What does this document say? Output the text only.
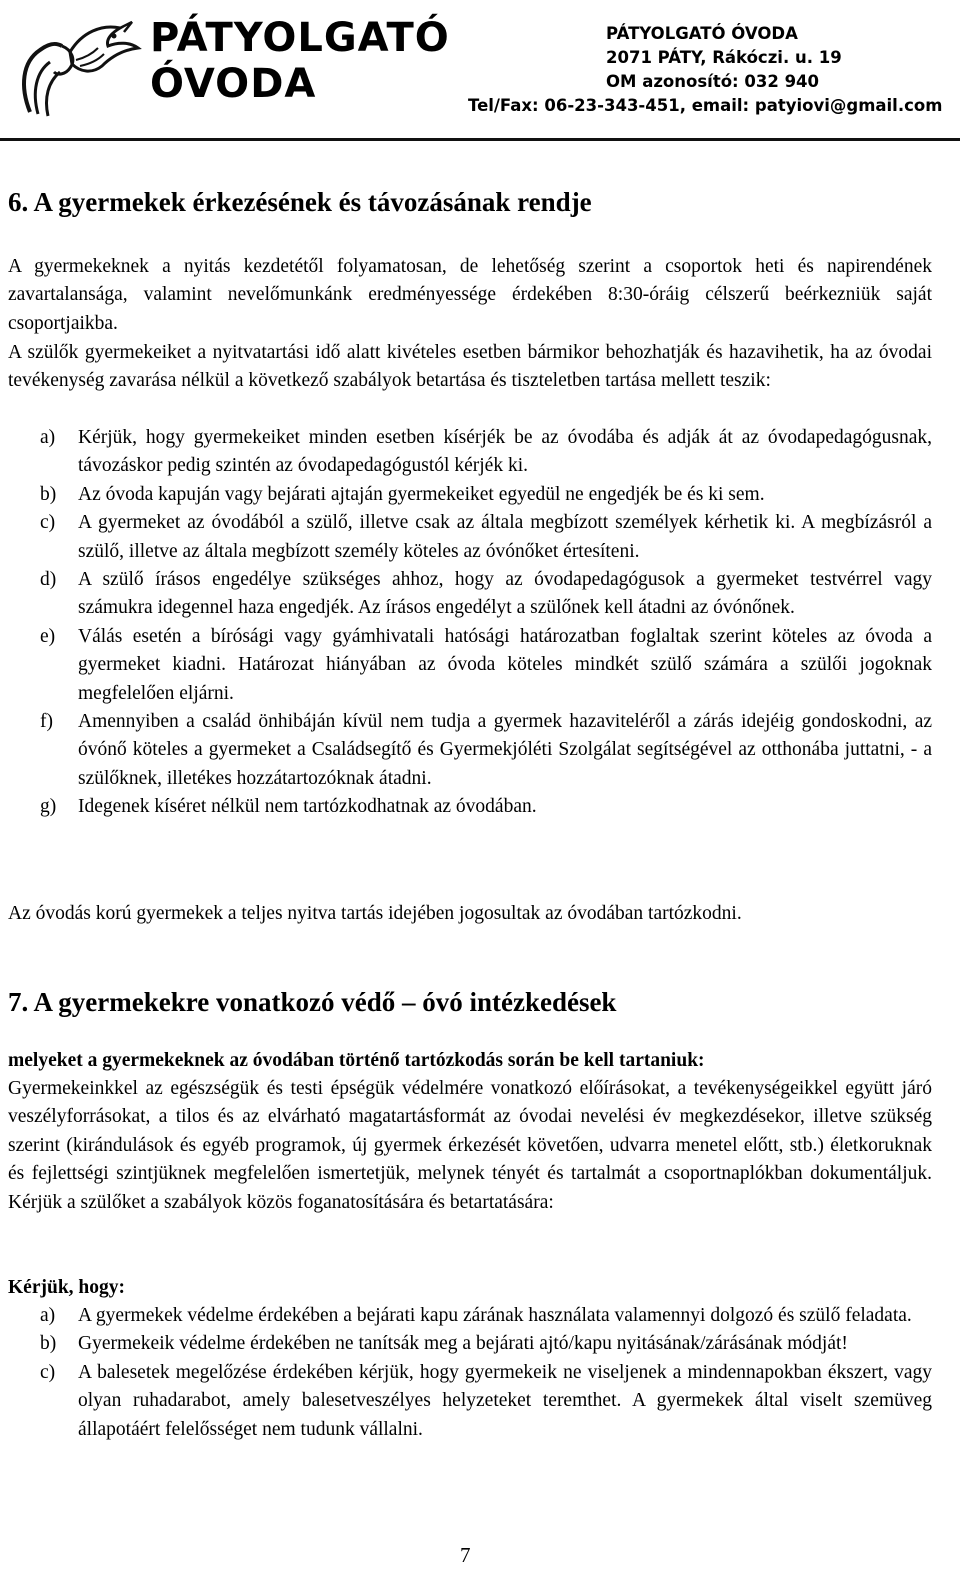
PÁTYOLGATÓ
ÓVODA
PÁTYOLGATÓ ÓVODA
2071 PÁTY, Rákóczi. u. 19
OM azonosító: 032 940
Tel/Fax: 06-23-343-451, email: patyiovi@gmail.com
6. A gyermekek érkezésének és távozásának rendje

A gyermekeknek a nyitás kezdetétől folyamatosan, de lehetőség szerint a csoportok heti és napirendének zavartalansága, valamint nevelőmunkánk eredményessége érdekében 8:30-óráig célszerű beérkezniük saját csoportjaikba.

A szülők gyermekeiket a nyitvatartási idő alatt kivételes esetben bármikor behozhatják és hazavihetik, ha az óvodai tevékenység zavarása nélkül a következő szabályok betartása és tiszteletben tartása mellett teszik:

a) Kérjük, hogy gyermekeiket minden esetben kísérjék be az óvodába és adják át az óvodapedagógusnak, távozáskor pedig szintén az óvodapedagógustól kérjék ki.
b) Az óvoda kapuján vagy bejárati ajtaján gyermekeiket egyedül ne engedjék be és ki sem.
c) A gyermeket az óvodából a szülő, illetve csak az általa megbízott személyek kérhetik ki. A megbízásról a szülő, illetve az általa megbízott személy köteles az óvónőket értesíteni.
d) A szülő írásos engedélye szükséges ahhoz, hogy az óvodapedagógusok a gyermeket testvérrel vagy számukra idegennel haza engedjék. Az írásos engedélyt a szülőnek kell átadni az óvónőnek.
e) Válás esetén a bírósági vagy gyámhivatali hatósági határozatban foglaltak szerint köteles az óvoda a gyermeket kiadni. Határozat hiányában az óvoda köteles mindkét szülő számára a szülői jogoknak megfelelően eljárni.
f) Amennyiben a család önhibáján kívül nem tudja a gyermek hazaviteléről a zárás idejéig gondoskodni, az óvónő köteles a gyermeket a Családsegítő és Gyermekjóléti Szolgálat segítségével az otthonába juttatni, - a szülőknek, illetékes hozzátartozóknak átadni.
g) Idegenek kíséret nélkül nem tartózkodhatnak az óvodában.

Az óvodás korú gyermekek a teljes nyitva tartás idejében jogosultak az óvodában tartózkodni.

7. A gyermekekre vonatkozó védő – óvó intézkedések

melyeket a gyermekeknek az óvodában történő tartózkodás során be kell tartaniuk:

Gyermekeinkkel az egészségük és testi épségük védelmére vonatkozó előírásokat, a tevékenységeikkel együtt járó veszélyforrásokat, a tilos és az elvárható magatartásformát az óvodai nevelési év megkezdésekor, illetve szükség szerint (kirándulások és egyéb programok, új gyermek érkezését követően, udvarra menetel előtt, stb.) életkoruknak és fejlettségi szintjüknek megfelelően ismertetjük, melynek tényét és tartalmát a csoportnaplókban dokumentáljuk. Kérjük a szülőket a szabályok közös foganatosítására és betartatására:

Kérjük, hogy:

a) A gyermekek védelme érdekében a bejárati kapu zárának használata valamennyi dolgozó és szülő feladata.
b) Gyermekeik védelme érdekében ne tanítsák meg a bejárati ajtó/kapu nyitásának/zárásának módját!
c) A balesetek megelőzése érdekében kérjük, hogy gyermekeik ne viseljenek a mindennapokban ékszert, vagy olyan ruhadarabot, amely balesetveszélyes helyzeteket teremthet. A gyermekek által viselt szemüveg állapotáért felelősséget nem tudunk vállalni.
7
